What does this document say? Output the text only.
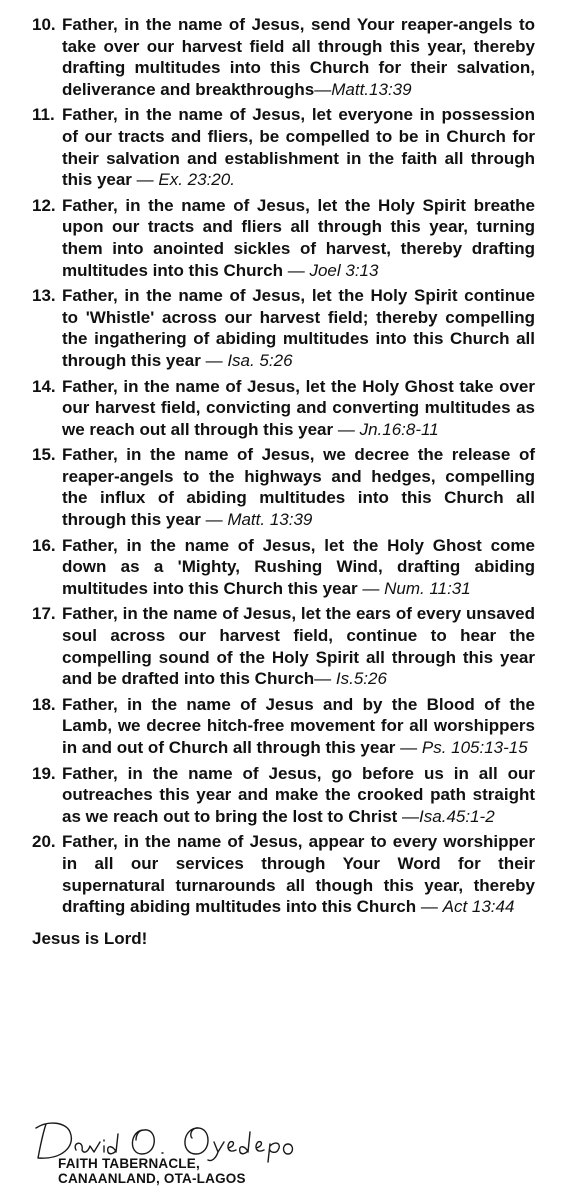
10. Father, in the name of Jesus, send Your reaper-angels to take over our harvest field all through this year, thereby drafting multitudes into this Church for their salvation, deliverance and breakthroughs—Matt.13:39
11. Father, in the name of Jesus, let everyone in possession of our tracts and fliers, be compelled to be in Church for their salvation and establishment in the faith all through this year — Ex. 23:20.
12. Father, in the name of Jesus, let the Holy Spirit breathe upon our tracts and fliers all through this year, turning them into anointed sickles of harvest, thereby drafting multitudes into this Church — Joel 3:13
13. Father, in the name of Jesus, let the Holy Spirit continue to 'Whistle' across our harvest field; thereby compelling the ingathering of abiding multitudes into this Church all through this year — Isa. 5:26
14. Father, in the name of Jesus, let the Holy Ghost take over our harvest field, convicting and converting multitudes as we reach out all through this year — Jn.16:8-11
15. Father, in the name of Jesus, we decree the release of reaper-angels to the highways and hedges, compelling the influx of abiding multitudes into this Church all through this year — Matt. 13:39
16. Father, in the name of Jesus, let the Holy Ghost come down as a 'Mighty, Rushing Wind, drafting abiding multitudes into this Church this year — Num. 11:31
17. Father, in the name of Jesus, let the ears of every unsaved soul across our harvest field, continue to hear the compelling sound of the Holy Spirit all through this year and be drafted into this Church— Is.5:26
18. Father, in the name of Jesus and by the Blood of the Lamb, we decree hitch-free movement for all worshippers in and out of Church all through this year — Ps. 105:13-15
19. Father, in the name of Jesus, go before us in all our outreaches this year and make the crooked path straight as we reach out to bring the lost to Christ —Isa.45:1-2
20. Father, in the name of Jesus, appear to every worshipper in all our services through Your Word for their supernatural turnarounds all though this year, thereby drafting abiding multitudes into this Church — Act 13:44
Jesus is Lord!
FAITH TABERNACLE,
CANAANLAND, OTA-LAGOS
